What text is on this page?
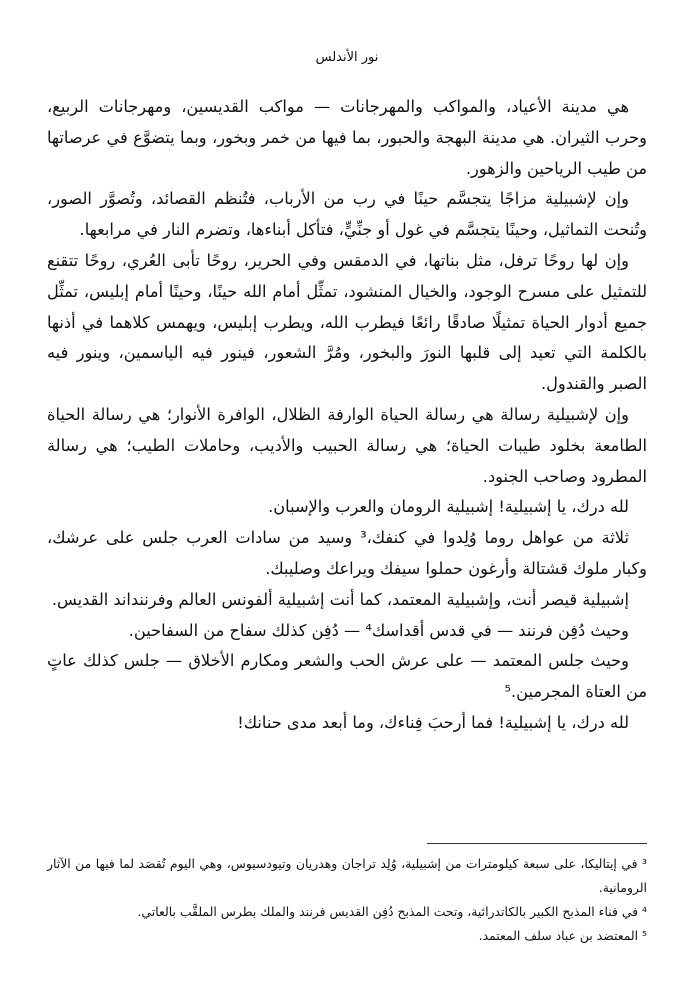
نور الأندلس

هي مدينة الأعياد، والمواكب والمهرجانات — مواكب القديسين، ومهرجانات الربيع، وحرب الثيران. هي مدينة البهجة والحبور، بما فيها من خمر وبخور، وبما يتضوَّع في عرصاتها من طيب الرياحين والزهور.

وإن لإشبيلية مزاجًا يتجسَّم حينًا في رب من الأرباب، فتُنظم القصائد، وتُصوَّر الصور، وتُنحت التماثيل، وحينًا يتجسَّم في غول أو جنِّيٍّ، فتأكل أبناءها، وتضرم النار في مرابعها.

وإن لها روحًا ترفل، مثل بناتها، في الدمقس وفي الحرير، روحًا تأبى العُري، روحًا تتقنع للتمثيل على مسرح الوجود، والخيال المنشود، تمثِّل أمام الله حينًا، وحينًا أمام إبليس، تمثِّل جميع أدوار الحياة تمثيلًا صادقًا رائعًا فيطرب الله، ويطرب إبليس، ويهمس كلاهما في أذنها بالكلمة التي تعيد إلى قلبها النورَ والبخور، ومُرَّ الشعور، فينور فيه الياسمين، وينور فيه الصبر والقندول.

وإن لإشبيلية رسالة هي رسالة الحياة الوارفة الظلال، الوافرة الأنوار؛ هي رسالة الحياة الطامعة بخلود طيبات الحياة؛ هي رسالة الحبيب والأديب، وحاملات الطيب؛ هي رسالة المطرود وصاحب الجنود.

لله درك، يا إشبيلية! إشبيلية الرومان والعرب والإسبان.

ثلاثة من عواهل روما وُلِدوا في كنفك،³ وسيد من سادات العرب جلس على عرشك، وكبار ملوك قشتالة وأرغون حملوا سيفك ويراعك وصليبك.

إشبيلية قيصر أنت، وإشبيلية المعتمد، كما أنت إشبيلية ألفونس العالم وفرننداند القديس.

وحيث دُفِن فرنند — في قدس أقداسك⁴ — دُفِن كذلك سفاح من السفاحين.

وحيث جلس المعتمد — على عرش الحب والشعر ومكارم الأخلاق — جلس كذلك عاتٍ من العتاة المجرمين.⁵

لله درك، يا إشبيلية! فما أرحبَ فِناءك، وما أبعد مدى حنانك!

³ في إيتاليكا، على سبعة كيلومترات من إشبيلية، وُلِد تراجان وهدريان وتيودسيوس، وهي اليوم تُقصَد لما فيها من الآثار الرومانية.

⁴ في فناء المذبح الكبير بالكاتدرائية، وتحت المذبح دُفِن القديس فرنند والملك بطرس الملقَّب بالعاتي.

⁵ المعتضد بن عباد سلف المعتمد.
